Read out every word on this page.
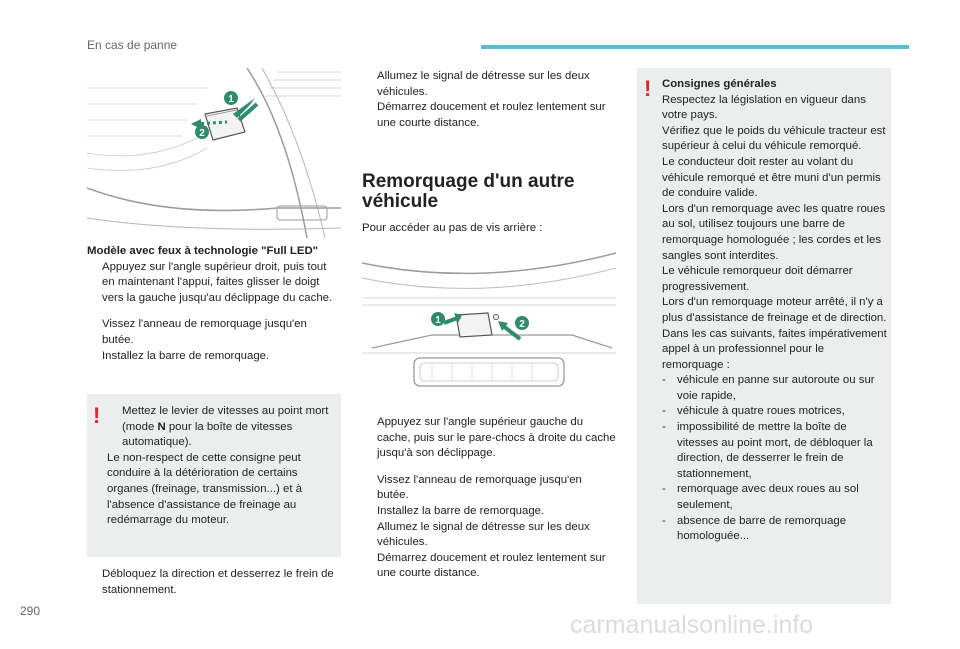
En cas de panne
1
2

Modèle avec feux à technologie "Full LED"

Appuyez sur l'angle supérieur droit, puis tout en maintenant l'appui, faites glisser le doigt vers la gauche jusqu'au déclippage du cache.

Vissez l'anneau de remorquage jusqu'en butée.

Installez la barre de remorquage.

!	Mettez le levier de vitesses au point mort (mode N pour la boîte de vitesses automatique).

Le non-respect de cette consigne peut conduire à la détérioration de certains organes (freinage, transmission...) et à l'absence d'assistance de freinage au redémarrage du moteur.

Débloquez la direction et desserrez le frein de stationnement.

Allumez le signal de détresse sur les deux véhicules.

Démarrez doucement et roulez lentement sur une courte distance.

Remorquage d'un autre
véhicule

Pour accéder au pas de vis arrière :

1	2

Appuyez sur l'angle supérieur gauche du cache, puis sur le pare-chocs à droite du cache jusqu'à son déclippage.

Vissez l'anneau de remorquage jusqu'en butée.

Installez la barre de remorquage.

Allumez le signal de détresse sur les deux véhicules.

Démarrez doucement et roulez lentement sur une courte distance.

! Consignes générales

Respectez la législation en vigueur dans votre pays.

Vérifiez que le poids du véhicule tracteur est supérieur à celui du véhicule remorqué.

Le conducteur doit rester au volant du véhicule remorqué et être muni d'un permis de conduire valide.

Lors d'un remorquage avec les quatre roues au sol, utilisez toujours une barre de remorquage homologuée ; les cordes et les sangles sont interdites.

Le véhicule remorqueur doit démarrer progressivement.

Lors d'un remorquage moteur arrêté, il n'y a plus d'assistance de freinage et de direction.

Dans les cas suivants, faites impérativement appel à un professionnel pour le remorquage :

- véhicule en panne sur autoroute ou sur voie rapide,

- véhicule à quatre roues motrices,

- impossibilité de mettre la boîte de vitesses au point mort, de débloquer la direction, de desserrer le frein de stationnement,

- remorquage avec deux roues au sol seulement,

- absence de barre de remorquage homologuée...

290	carmanualsonline.info
